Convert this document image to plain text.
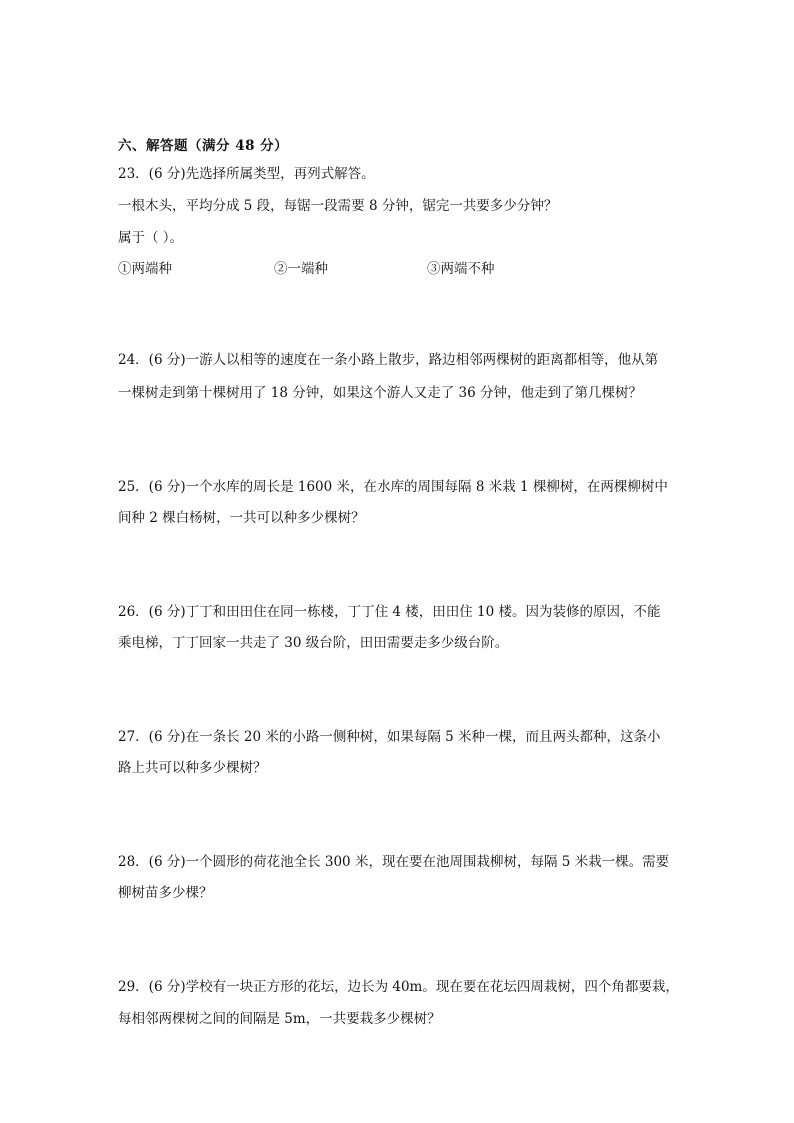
六、解答题（满分 48 分）
23．(6 分)先选择所属类型，再列式解答。
一根木头，平均分成 5 段，每锯一段需要 8 分钟，锯完一共要多少分钟？
属于（ ）。
①两端种	②一端种	③两端不种
24．(6 分)一游人以相等的速度在一条小路上散步，路边相邻两棵树的距离都相等，他从第
一棵树走到第十棵树用了 18 分钟，如果这个游人又走了 36 分钟，他走到了第几棵树？
25．(6 分)一个水库的周长是 1600 米，在水库的周围每隔 8 米栽 1 棵柳树，在两棵柳树中
间种 2 棵白杨树，一共可以种多少棵树？
26．(6 分)丁丁和田田住在同一栋楼，丁丁住 4 楼，田田住 10 楼。因为装修的原因，不能
乘电梯，丁丁回家一共走了 30 级台阶，田田需要走多少级台阶。
27．(6 分)在一条长 20 米的小路一侧种树，如果每隔 5 米种一棵，而且两头都种，这条小
路上共可以种多少棵树？
28．(6 分)一个圆形的荷花池全长 300 米，现在要在池周围栽柳树，每隔 5 米栽一棵。需要
柳树苗多少棵？
29．(6 分)学校有一块正方形的花坛，边长为 40m。现在要在花坛四周栽树，四个角都要栽，
每相邻两棵树之间的间隔是 5m，一共要栽多少棵树？
